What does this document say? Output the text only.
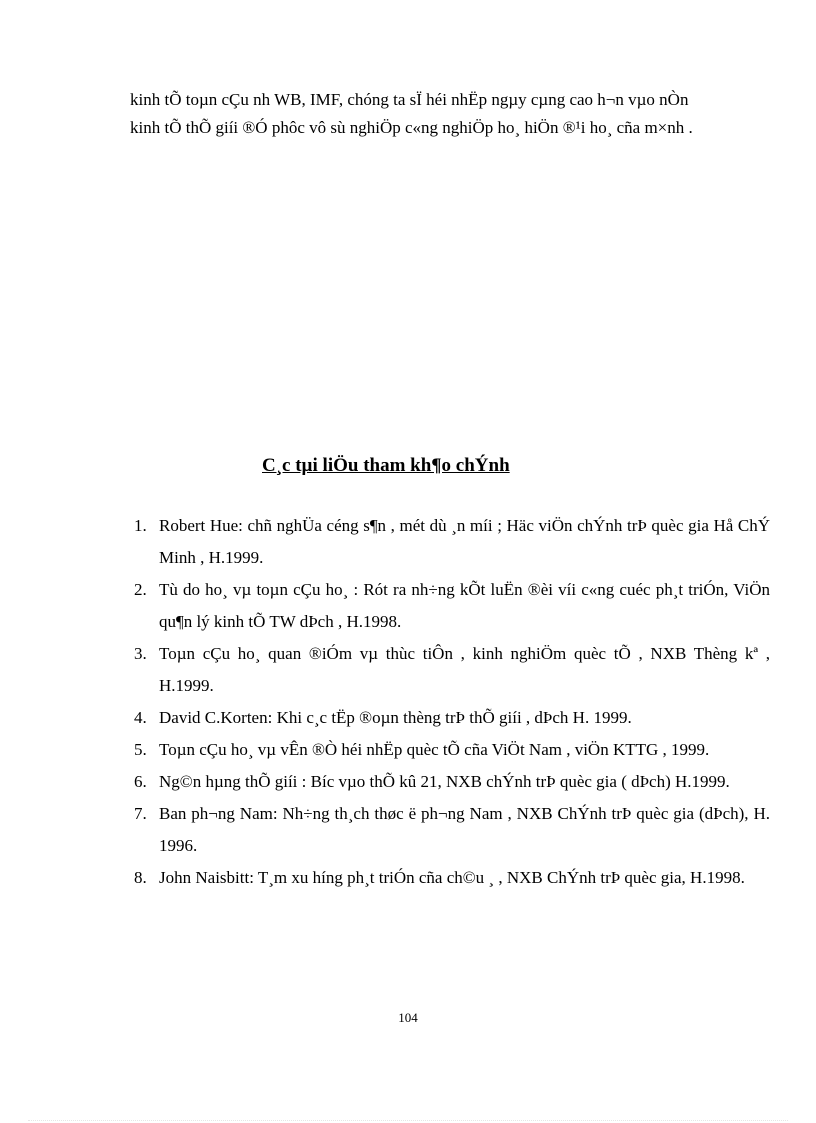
kinh tÕ toµn cÇu nh WB, IMF, chóng ta sÏ héi nhËp ngµy cµng cao h¬n vµo nÒn
kinh tÕ thÕ giíi ®Ó phôc vô sù nghiÖp c«ng nghiÖp ho¸ hiÖn ®¹i ho¸ cña m×nh .
C¸c tµi liÖu tham kh¶o chÝnh
1. Robert Hue: chñ nghÜa céng s¶n , mét dù ¸n míi ; Häc viÖn chÝnh trÞ quèc gia Hå ChÝ Minh , H.1999.
2. Tù do ho¸ vµ toµn cÇu ho¸ : Rót ra nh÷ng kÕt luËn ®èi víi c«ng cuéc ph¸t triÓn, ViÖn qu¶n lý kinh tÕ TW dÞch , H.1998.
3. Toµn cÇu ho¸ quan ®iÓm vµ thùc tiÔn , kinh nghiÖm quèc tÕ , NXB Thèng kª , H.1999.
4. David C.Korten: Khi c¸c tËp ®oµn thèng trÞ thÕ giíi , dÞch H. 1999.
5. Toµn cÇu ho¸ vµ vÊn ®Ò héi nhËp quèc tÕ cña ViÖt Nam , viÖn KTTG , 1999.
6. Ng©n hµng thÕ giíi : Bíc vµo thÕ kû 21, NXB chÝnh trÞ quèc gia ( dÞch) H.1999.
7. Ban ph¬ng Nam: Nh÷ng th¸ch thøc ë ph¬ng Nam , NXB ChÝnh trÞ quèc gia (dÞch), H. 1996.
8. John Naisbitt: T¸m xu híng ph¸t triÓn cña ch©u ¸ , NXB ChÝnh trÞ quèc gia, H.1998.
104
